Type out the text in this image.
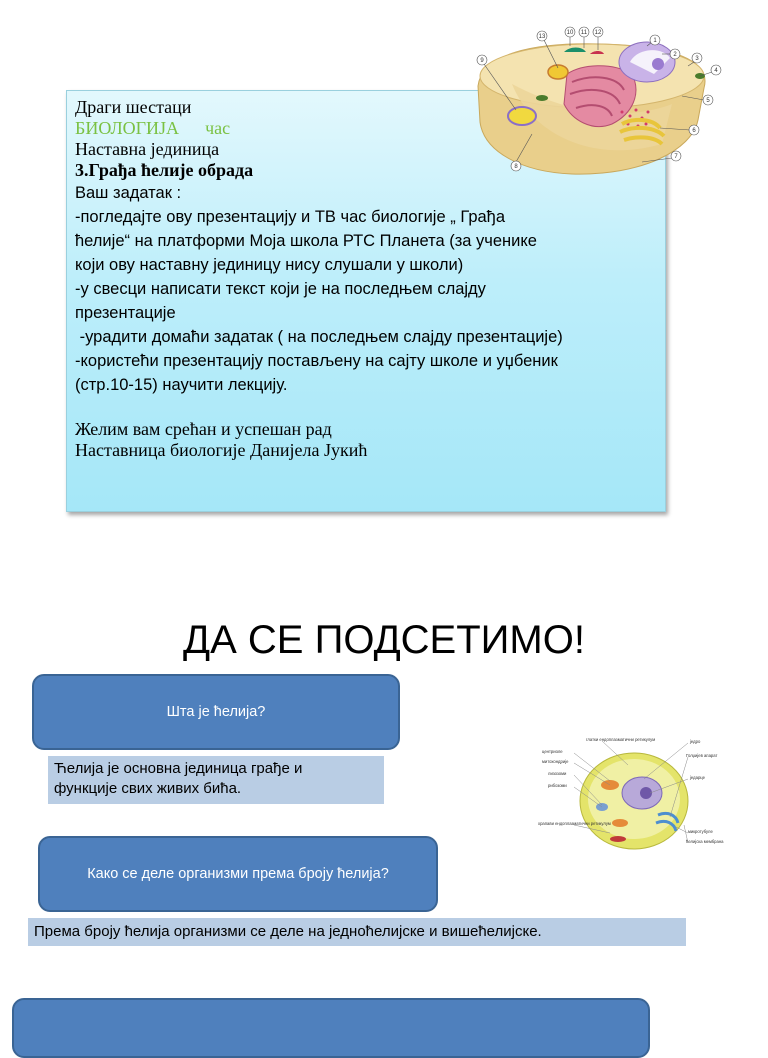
Драги шестаци
БИОЛОГИЈА час
Наставна јединица
3.Грађа ћелије обрада
Ваш задатак :
-погледајте ову презентацију и ТВ час биологије „ Грађа
ћелије“ на платформи Моја школа РТС Планета (за ученике
који ову наставну јединицу нису слушали у школи)
-у свесци написати текст који је на последњем слајду
презентације
-урадити домаћи задатак ( на последњем слајду презентације)
-користећи презентацију постављену на сајту школе и уџбеник
(стр.10-15) научити лекцију.
Желим вам срећан и успешан рад
Наставница биологије Данијела Јукић
1
2
3
4
5
6
7
8
9
10 11 12
13
ДА СЕ ПОДСЕТИМО!
Шта је ћелија?
Ћелија је основна јединица грађе и
функције свих живих бића.
Како се деле организми према броју ћелија?
Према броју ћелија организми се деле на једноћелијске и вишећелијске.
глатки ендоплазматични ретикулум
центриоле
митохондрије
лизозоми
рибозоми
храпави ендоплазматични ретикулум
једро
Голџијев апарат
једарце
микротубуле
ћелијска мембрана
